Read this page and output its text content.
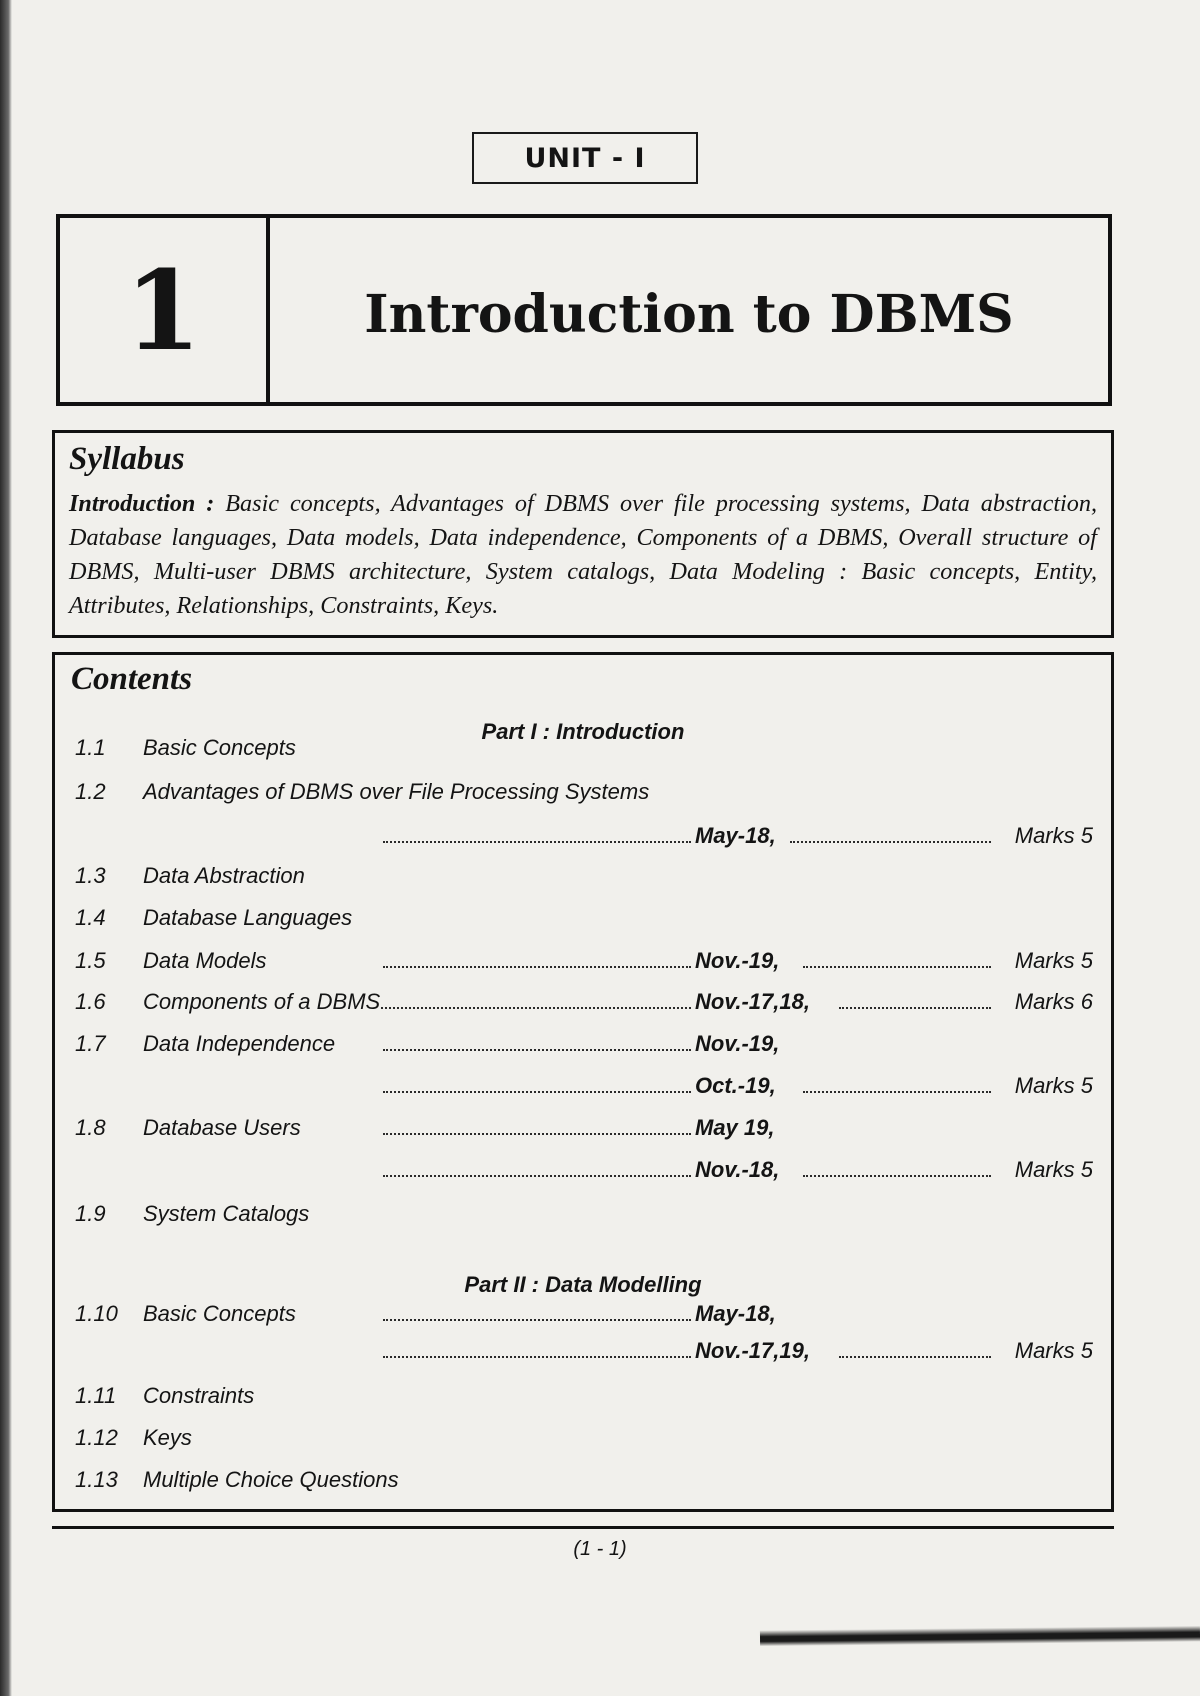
UNIT - I
1	Introduction to DBMS
Syllabus
Introduction : Basic concepts, Advantages of DBMS over file processing systems, Data abstraction, Database languages, Data models, Data independence, Components of a DBMS, Overall structure of DBMS, Multi-user DBMS architecture, System catalogs, Data Modeling : Basic concepts, Entity, Attributes, Relationships, Constraints, Keys.
Contents
Part I : Introduction
Part II : Data Modelling
1.1 Basic Concepts
1.2 Advantages of DBMS over File Processing Systems
May-18,	Marks 5
1.3 Data Abstraction
1.4 Database Languages
1.5 Data Models	Nov.-19,	Marks 5
1.6 Components of a DBMS	Nov.-17,18,	Marks 6
1.7 Data Independence	Nov.-19,
Oct.-19,	Marks 5
1.8 Database Users	May 19,
Nov.-18,	Marks 5
1.9 System Catalogs
1.10 Basic Concepts	May-18,
Nov.-17,19,	Marks 5
1.11 Constraints
1.12 Keys
1.13 Multiple Choice Questions
(1 - 1)
